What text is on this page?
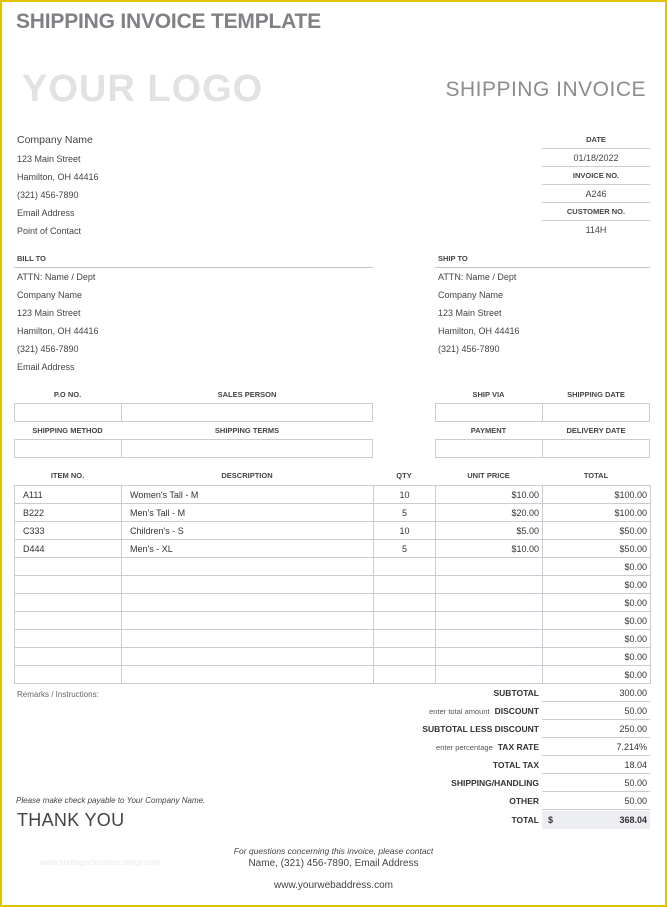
SHIPPING INVOICE TEMPLATE
YOUR LOGO	SHIPPING INVOICE
Company Name
123 Main Street
Hamilton, OH 44416
(321) 456-7890
Email Address
Point of Contact
DATE
01/18/2022
INVOICE NO.
A246
CUSTOMER NO.
114H
BILL TO
ATTN: Name / Dept
Company Name
123 Main Street
Hamilton, OH 44416
(321) 456-7890
Email Address
SHIP TO
ATTN: Name / Dept
Company Name
123 Main Street
Hamilton, OH 44416
(321) 456-7890
P.O NO.	SALES PERSON	SHIP VIA	SHIPPING DATE

SHIPPING METHOD	SHIPPING TERMS	PAYMENT	DELIVERY DATE

ITEM NO.	DESCRIPTION	QTY	UNIT PRICE	TOTAL
A111	Women's Tall - M	10	$10.00	$100.00
B222	Men's Tall - M	5	$20.00	$100.00
C333	Children's - S	10	$5.00	$50.00
D444	Men's - XL	5	$10.00	$50.00
				$0.00
				$0.00
				$0.00
				$0.00
				$0.00
				$0.00
				$0.00
Remarks / Instructions:	SUBTOTAL	300.00
enter total amount DISCOUNT	50.00
SUBTOTAL LESS DISCOUNT	250.00
enter percentage TAX RATE	7.214%
TOTAL TAX	18.04
SHIPPING/HANDLING	50.00
OTHER	50.00
TOTAL	$	368.04
Please make check payable to Your Company Name.
THANK YOU
www.heritagechristiancollege.com
For questions concerning this invoice, please contact
Name, (321) 456-7890, Email Address
www.yourwebaddress.com
